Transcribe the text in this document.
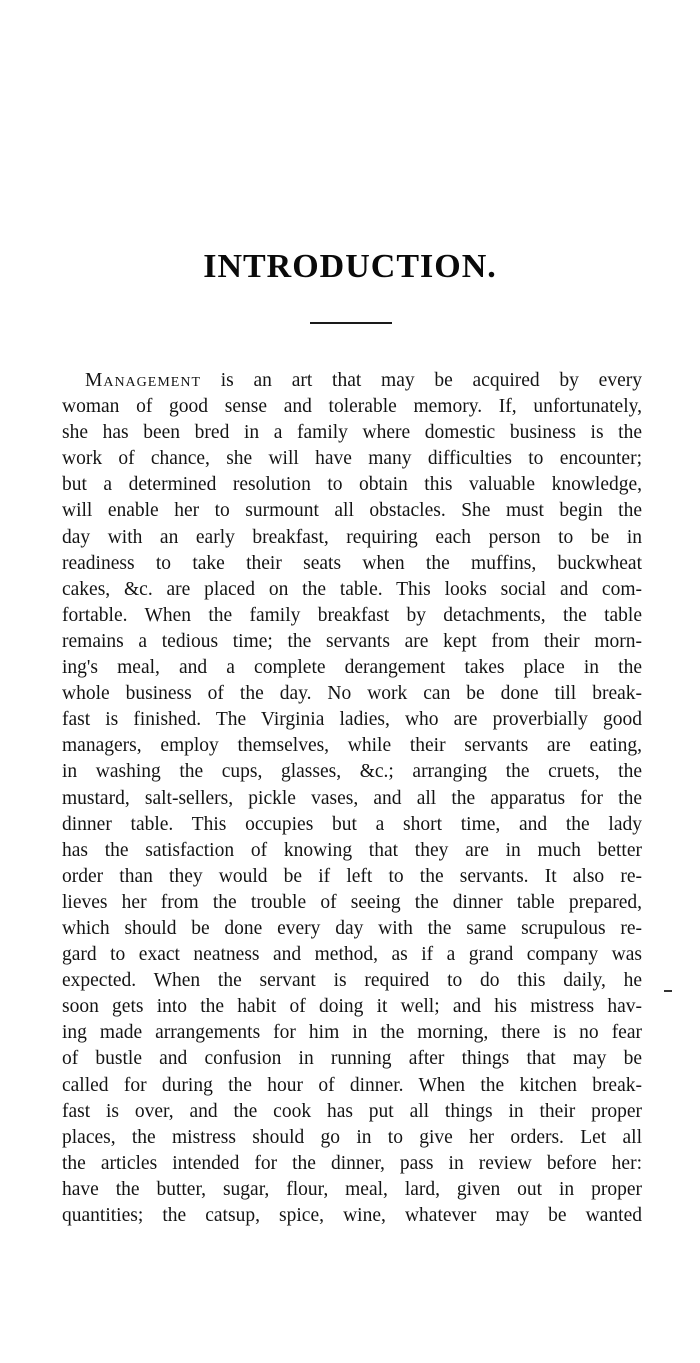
INTRODUCTION.
Management is an art that may be acquired by every
woman of good sense and tolerable memory. If, unfortunately,
she has been bred in a family where domestic business is the
work of chance, she will have many difficulties to encounter;
but a determined resolution to obtain this valuable knowledge,
will enable her to surmount all obstacles. She must begin the
day with an early breakfast, requiring each person to be in
readiness to take their seats when the muffins, buckwheat
cakes, &c. are placed on the table. This looks social and com-
fortable. When the family breakfast by detachments, the table
remains a tedious time; the servants are kept from their morn-
ing's meal, and a complete derangement takes place in the
whole business of the day. No work can be done till break-
fast is finished. The Virginia ladies, who are proverbially good
managers, employ themselves, while their servants are eating,
in washing the cups, glasses, &c.; arranging the cruets, the
mustard, salt-sellers, pickle vases, and all the apparatus for the
dinner table. This occupies but a short time, and the lady
has the satisfaction of knowing that they are in much better
order than they would be if left to the servants. It also re-
lieves her from the trouble of seeing the dinner table prepared,
which should be done every day with the same scrupulous re-
gard to exact neatness and method, as if a grand company was
expected. When the servant is required to do this daily, he
soon gets into the habit of doing it well; and his mistress hav-
ing made arrangements for him in the morning, there is no fear
of bustle and confusion in running after things that may be
called for during the hour of dinner. When the kitchen break-
fast is over, and the cook has put all things in their proper
places, the mistress should go in to give her orders. Let all
the articles intended for the dinner, pass in review before her:
have the butter, sugar, flour, meal, lard, given out in proper
quantities; the catsup, spice, wine, whatever may be wanted
